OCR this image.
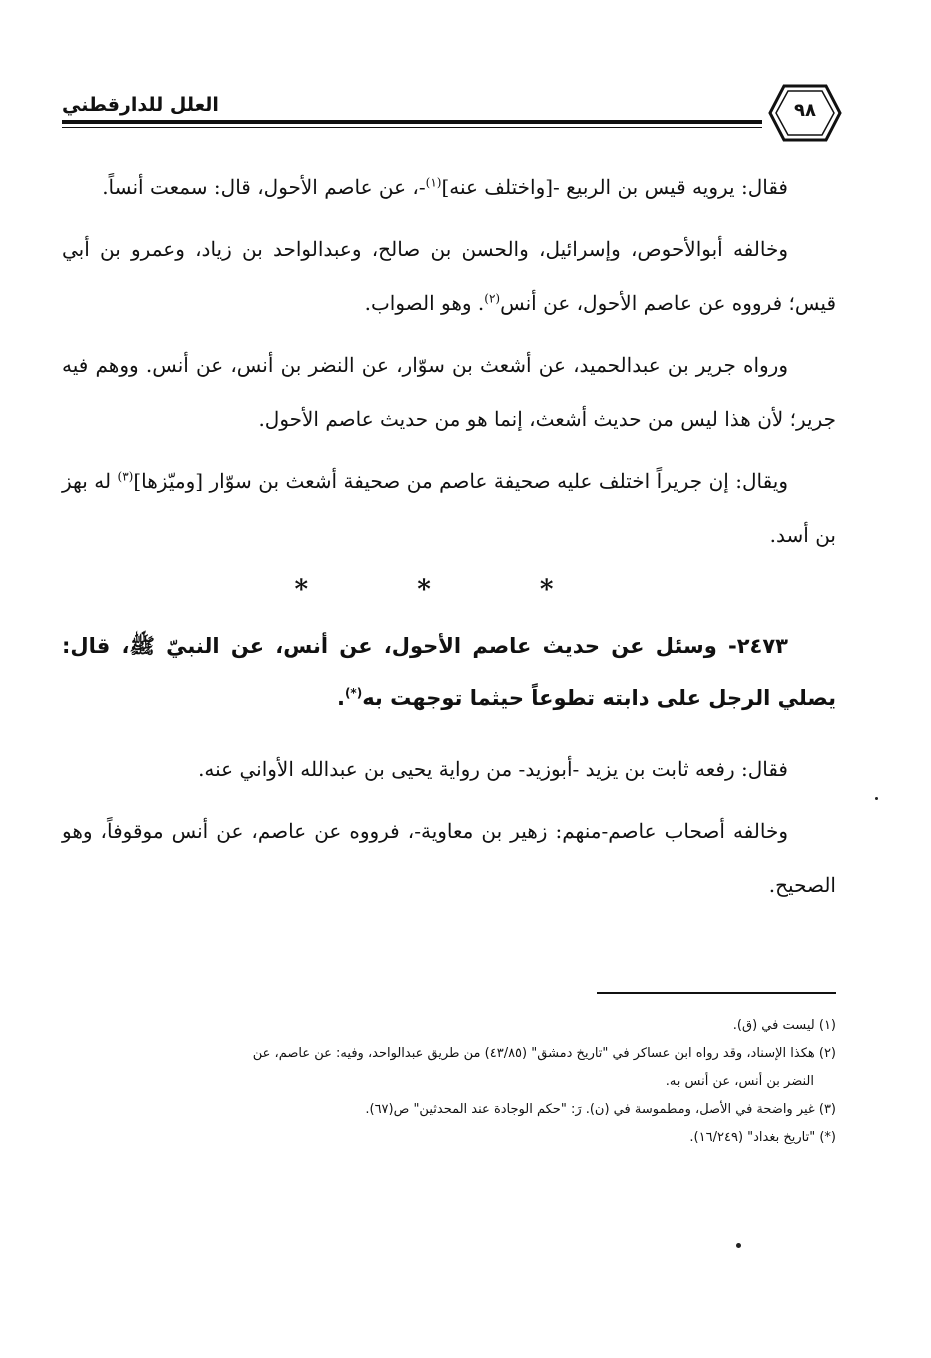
العلل للدارقطني	٩٨

فقال: يرويه قيس بن الربيع -[واختلف عنه]$^{(١)}$-، عن عاصم الأحول، قال: سمعت أنساً.

وخالفه أبوالأحوص، وإسرائيل، والحسن بن صالح، وعبدالواحد بن زياد، وعمرو بن أبي قيس؛ فرووه عن عاصم الأحول، عن أنس$^{(٢)}$. وهو الصواب.

ورواه جرير بن عبدالحميد، عن أشعث بن سوّار، عن النضر بن أنس، عن أنس. ووهم فيه جرير؛ لأن هذا ليس من حديث أشعث، إنما هو من حديث عاصم الأحول.

ويقال: إن جريراً اختلف عليه صحيفة عاصم من صحيفة أشعث بن سوّار [وميّزها]$^{(٣)}$ له بهز بن أسد.

* * *

٢٤٧٣- وسئل عن حديث عاصم الأحول، عن أنس، عن النبيّ ﷺ، قال: يصلي الرجل على دابته تطوعاً حيثما توجهت به(*).

فقال: رفعه ثابت بن يزيد -أبوزيد- من رواية يحيى بن عبدالله الأواني عنه.

وخالفه أصحاب عاصم-منهم: زهير بن معاوية-، فرووه عن عاصم، عن أنس موقوفاً، وهو الصحيح.

(١) ليست في (ق).

(٢) هكذا الإسناد، وقد رواه ابن عساكر في "تاريخ دمشق" (٤٣/٨٥) من طريق عبدالواحد، وفيه: عن عاصم، عن

النضر بن أنس، عن أنس به.

(٣) غير واضحة في الأصل، ومطموسة في (ن). رَ: "حكم الوجادة عند المحدثين" ص(٦٧).

(*) "تاريخ بغداد" (١٦/٢٤٩).
